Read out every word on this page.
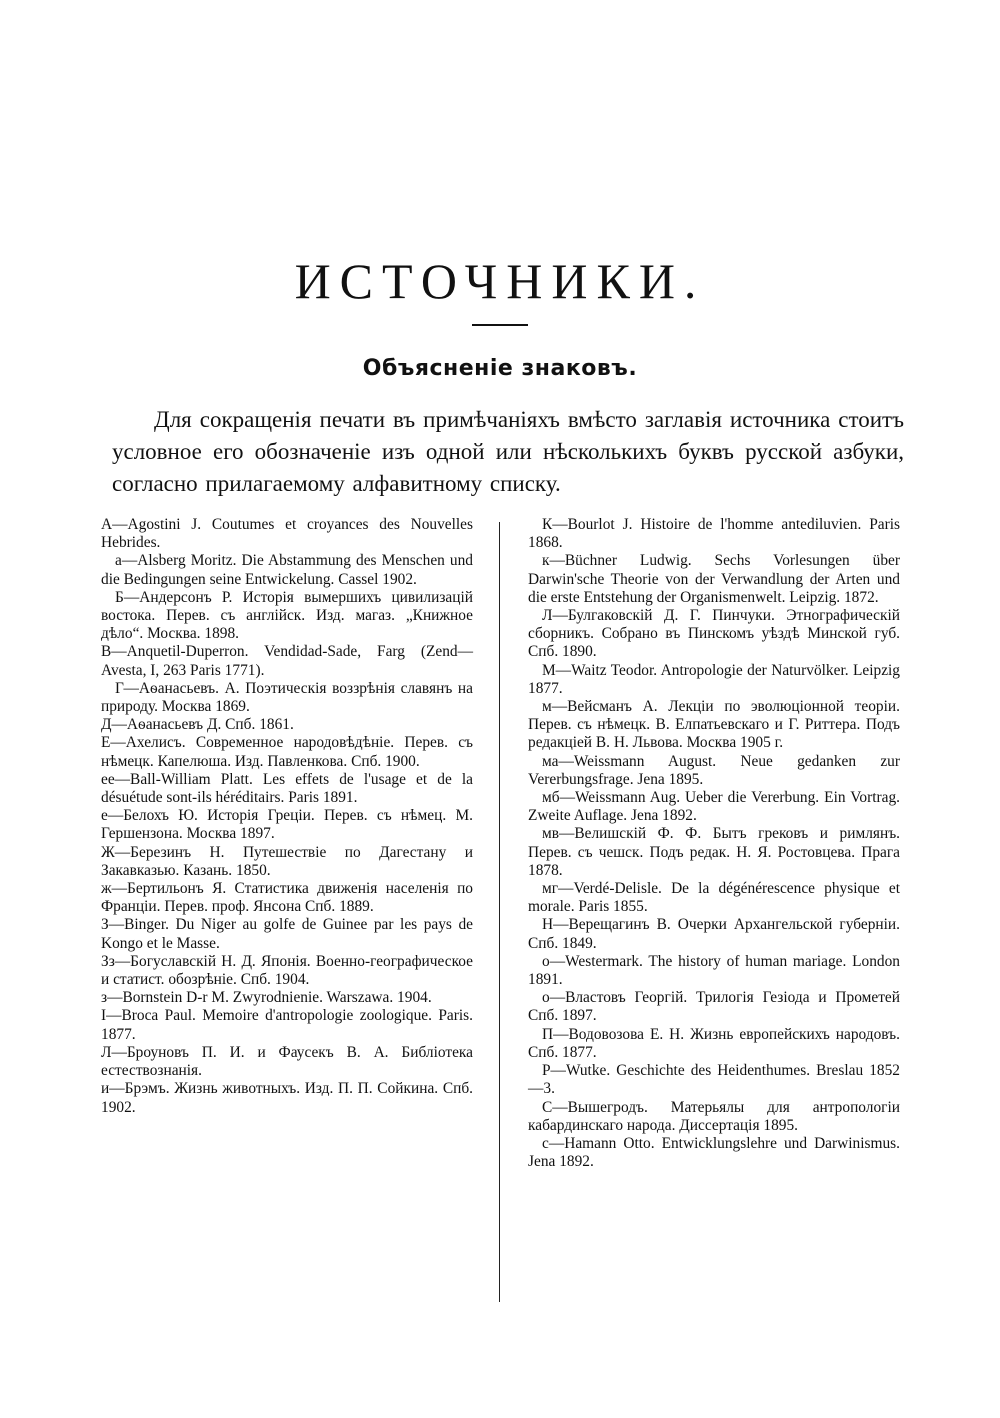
ИСТОЧНИКИ.
Объясненіе знаковъ.
Для сокращенія печати въ примѣчаніяхъ вмѣсто заглавія источника стоитъ условное его обозначеніе изъ одной или нѣсколькихъ буквъ русской азбуки, согласно прилагаемому алфавитному списку.
А—Agostini J. Coutumes et croyances des Nouvelles Hebrides.
а—Alsberg Moritz. Die Abstammung des Menschen und die Bedingungen seine Entwickelung. Cassel 1902.
Б—Андерсонъ Р. Исторія вымершихъ цивилизацій востока. Перев. съ англійск. Изд. магаз. „Книжное дѣло“. Москва. 1898.
В—Anquetil-Duperron. Vendidad-Sade, Farg (Zend—Avesta, I, 263 Paris 1771).
Г—Аѳанасьевъ. А. Поэтическія воззрѣнія славянъ на природу. Москва 1869.
Д—Аѳанасьевъ Д. Спб. 1861.
Е—Ахелисъ. Современное народовѣдѣніе. Перев. съ нѣмецк. Капелюша. Изд. Павленкова. Спб. 1900.
ее—Ball-William Platt. Les effets de l'usage et de la désuétude sont-ils héréditairs. Paris 1891.
е—Белохъ Ю. Исторія Греціи. Перев. съ нѣмец. М. Гершензона. Москва 1897.
Ж—Березинъ Н. Путешествіе по Дагестану и Закавказью. Казань. 1850.
ж—Бертильонъ Я. Статистика движенія населенія по Франціи. Перев. проф. Янсона Спб. 1889.
З—Binger. Du Niger au golfe de Guinee par les pays de Kongo et le Masse.
Зз—Богуславскій Н. Д. Японія. Военно-географическое и статист. обозрѣніе. Спб. 1904.
з—Bornstein D-r M. Zwyrodnienie. Warszawa. 1904.
I—Broca Paul. Memoire d'antropologie zoologique. Paris. 1877.
Л—Броуновъ П. И. и Фаусекъ В. А. Библіотека естествознанія.
и—Брэмъ. Жизнь животныхъ. Изд. П. П. Сойкина. Спб. 1902.
К—Bourlot J. Histoire de l'homme antediluvien. Paris 1868.
к—Büchner Ludwig. Sechs Vorlesungen über Darwin'sche Theorie von der Verwandlung der Arten und die erste Entstehung der Organismenwelt. Leipzig. 1872.
Л—Булгаковскій Д. Г. Пинчуки. Этнографическій сборникъ. Собрано въ Пинскомъ уѣздѣ Минской губ. Спб. 1890.
М—Waitz Teodor. Antropologie der Naturvölker. Leipzig 1877.
м—Вейсманъ А. Лекціи по эволюціонной теоріи. Перев. съ нѣмецк. В. Елпатьевскаго и Г. Риттера. Подъ редакціей В. Н. Львова. Москва 1905 г.
ма—Weissmann August. Neue gedanken zur Vererbungsfrage. Jena 1895.
мб—Weissmann Aug. Ueber die Vererbung. Ein Vortrag. Zweite Auflage. Jena 1892.
мв—Велишскій Ф. Ф. Бытъ грековъ и римлянъ. Перев. съ чешск. Подъ редак. Н. Я. Ростовцева. Прага 1878.
мг—Verdé-Delisle. De la dégénérescence physique et morale. Paris 1855.
Н—Верещагинъ В. Очерки Архангельской губерніи. Спб. 1849.
о—Westermark. The history of human mariage. London 1891.
о—Властовъ Георгій. Трилогія Гезіода и Прометей Спб. 1897.
П—Водовозова Е. Н. Жизнь европейскихъ народовъ. Спб. 1877.
Р—Wutke. Geschichte des Heidenthumes. Breslau 1852—3.
С—Вышегродъ. Матерьялы для антропологіи кабардинскаго народа. Диссертація 1895.
с—Hamann Otto. Entwicklungslehre und Darwinismus. Jena 1892.
